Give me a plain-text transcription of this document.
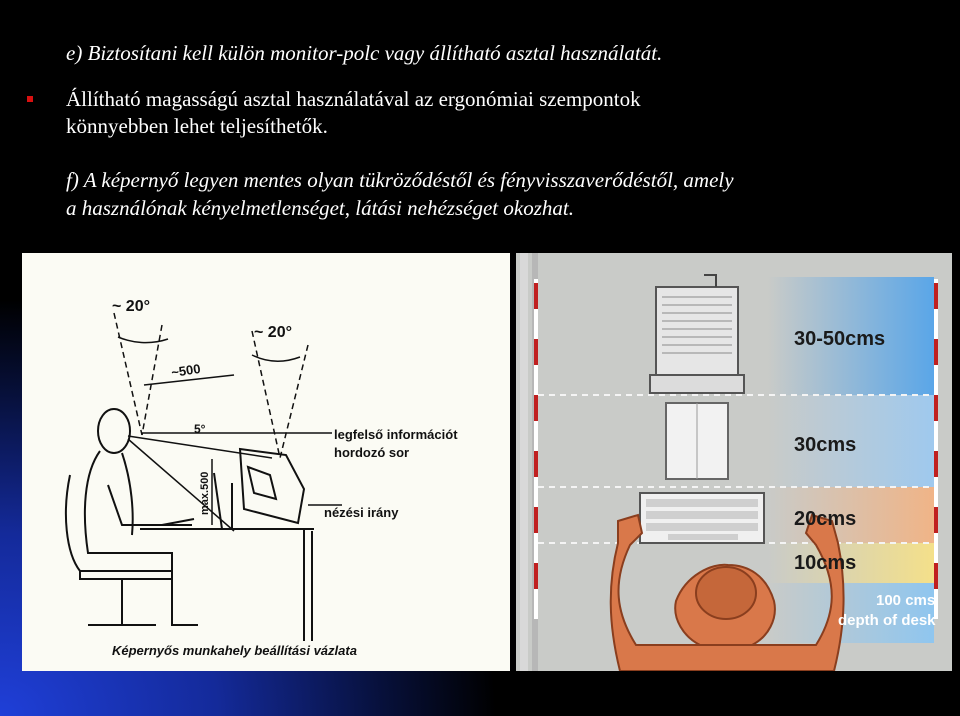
e) Biztosítani kell külön monitor-polc vagy állítható asztal használatát.
Állítható magasságú asztal használatával az ergonómiai szempontok
könnyebben lehet teljesíthetők.
f) A képernyő legyen mentes olyan tükröződéstől és fényvisszaverődéstől, amely
a használónak kényelmetlenséget, látási nehézséget okozhat.
~ 20°
~ 20°
~500
5°
max.500
legfelső információt
hordozó sor
nézési irány
Képernyős munkahely beállítási vázlata
30-50cms
30cms
20cms
10cms
100 cms
depth of desk
